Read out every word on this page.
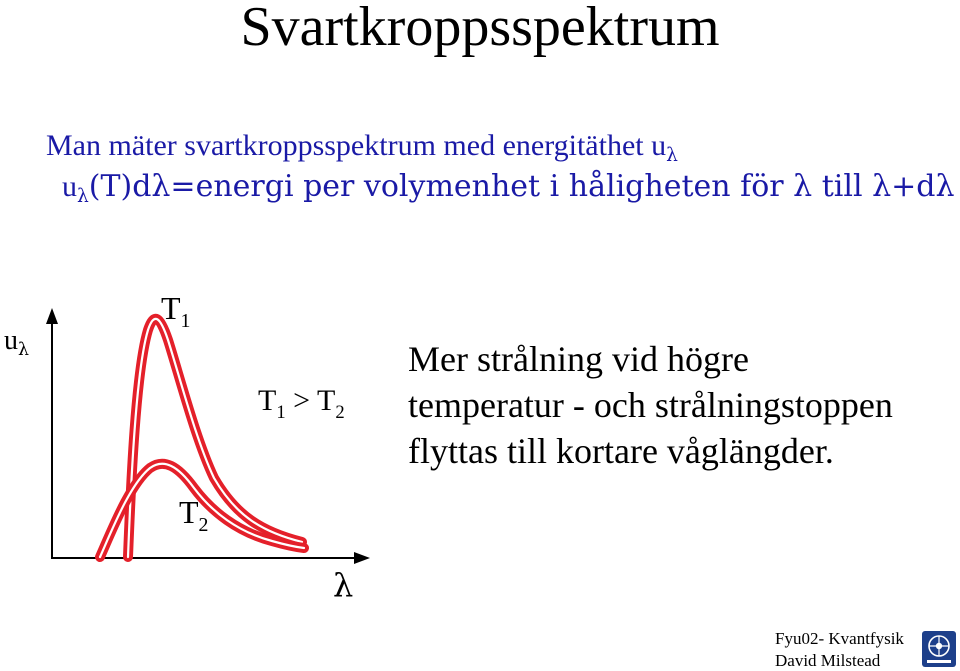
Svartkroppsspektrum
Man mäter svartkroppsspektrum med energitäthet $u_\lambda$
$u_\lambda(T)d\lambda=energi$ per volymenhet i håligheten för λ till λ+dλ
$u_\lambda$
$T_1$
$T_2$
$T_1 > T_2$
λ
Mer strålning vid högre
temperatur - och strålningstoppen
flyttas till kortare våglängder.
Fyu02- Kvantfysik
David Milstead
